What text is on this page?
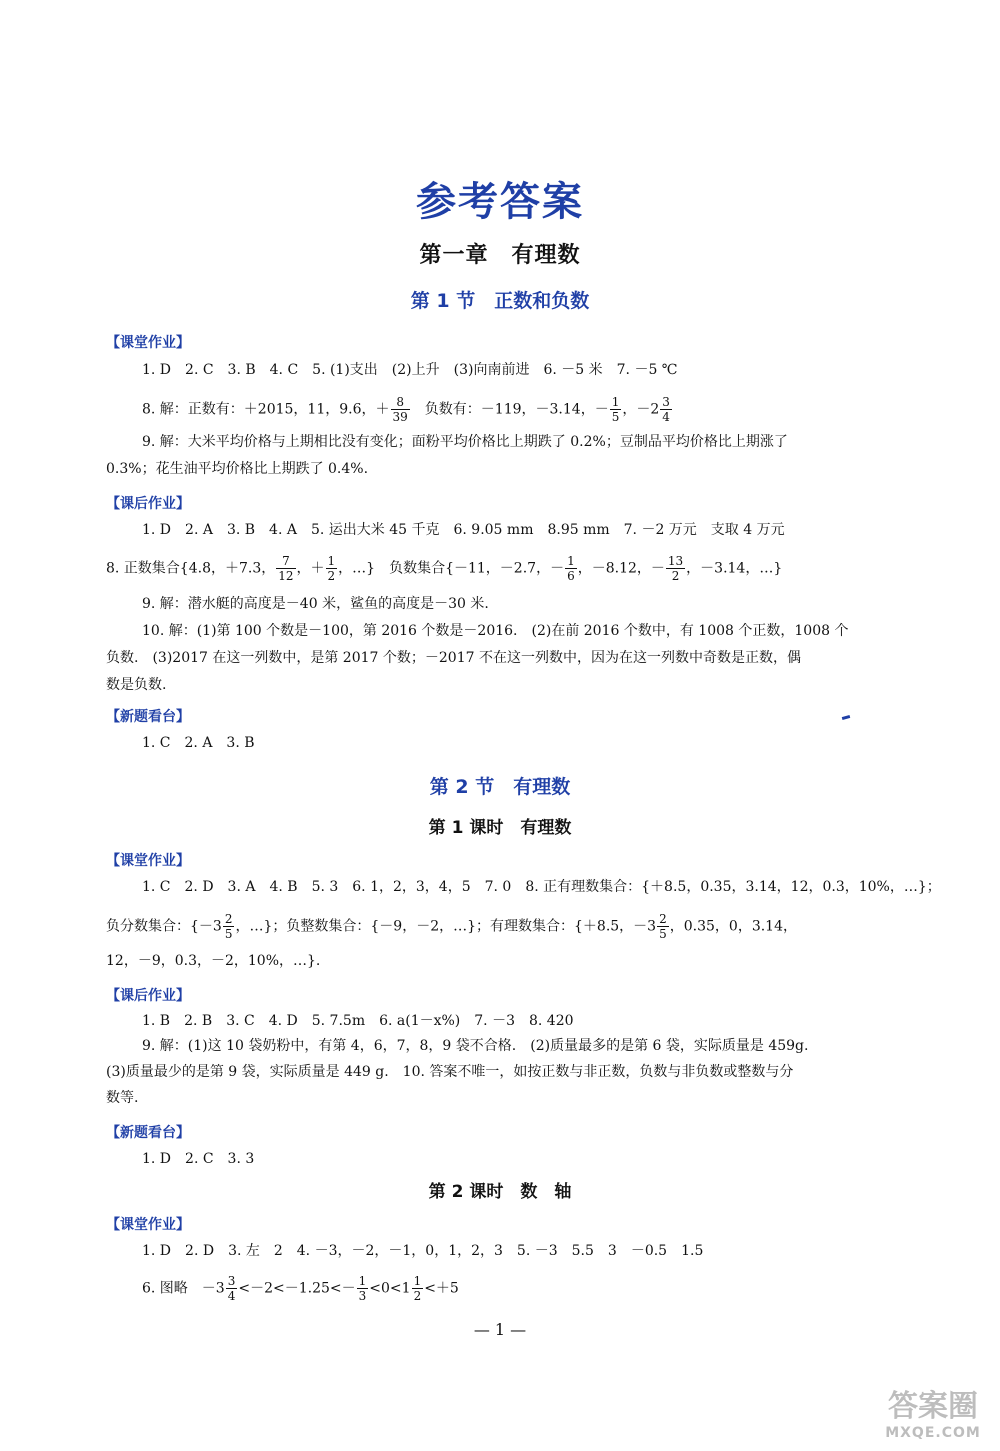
参考答案
第一章　有理数
第 1 节　正数和负数
【课堂作业】
1. D　2. C　3. B　4. C　5. (1)支出　(2)上升　(3)向南前进　6. －5 米　7. －5 ℃
8. 解：正数有：＋2015，11，9.6，＋ $\frac{8}{39}$ 　负数有：－119，－3.14，－ $\frac{1}{5}$ ，$-2 \frac{3}{4}$
9. 解：大米平均价格与上期相比没有变化；面粉平均价格比上期跌了 0.2%；豆制品平均价格比上期涨了
0.3%；花生油平均价格比上期跌了 0.4%.
【课后作业】
1. D　2. A　3. B　4. A　5. 运出大米 45 千克　6. 9.05 mm　8.95 mm　7. －2 万元　支取 4 万元
8. 正数集合{4.8，＋7.3， $\frac{7}{12}$ ，＋ $\frac{1}{2}$ ，…}　负数集合{－11，－2.7，－ $\frac{1}{6}$ ，－8.12，－ $\frac{13}{2}$ ，－3.14，…}
9. 解：潜水艇的高度是－40 米，鲨鱼的高度是－30 米.
10. 解：(1)第 100 个数是－100，第 2016 个数是－2016.　(2)在前 2016 个数中，有 1008 个正数，1008 个
负数.　(3)2017 在这一列数中，是第 2017 个数；－2017 不在这一列数中，因为在这一列数中奇数是正数，偶
数是负数.
【新题看台】
1. C　2. A　3. B
第 2 节　有理数
第 1 课时　有理数
【课堂作业】
1. C　2. D　3. A　4. B　5. 3　6. 1，2，3，4，5　7. 0　8. 正有理数集合：{＋8.5，0.35，3.14，12，0.3，10%，…}；
负分数集合：{$-3 \frac{2}{5}$ ，…}；负整数集合：{－9，－2，…}；有理数集合：{＋8.5，$-3 \frac{2}{5}$ ，0.35，0，3.14，
12，－9，0.3，－2，10%，…}.
【课后作业】
1. B　2. B　3. C　4. D　5. 7.5m　6. a(1－x%)　7. －3　8. 420
9. 解：(1)这 10 袋奶粉中，有第 4，6，7，8，9 袋不合格.　(2)质量最多的是第 6 袋，实际质量是 459g.
(3)质量最少的是第 9 袋，实际质量是 449 g.　10. 答案不唯一，如按正数与非正数，负数与非负数或整数与分
数等.
【新题看台】
1. D　2. C　3. 3
第 2 课时　数　轴
【课堂作业】
1. D　2. D　3. 左　2　4. －3，－2，－1，0，1，2，3　5. －3　5.5　3　－0.5　1.5
6. 图略　$-3 \frac{3}{4} <-2<-1.25<- \frac{1}{3} <0<1 \frac{1}{2} <+5$
— 1 —
答案圈
MXQE.COM
